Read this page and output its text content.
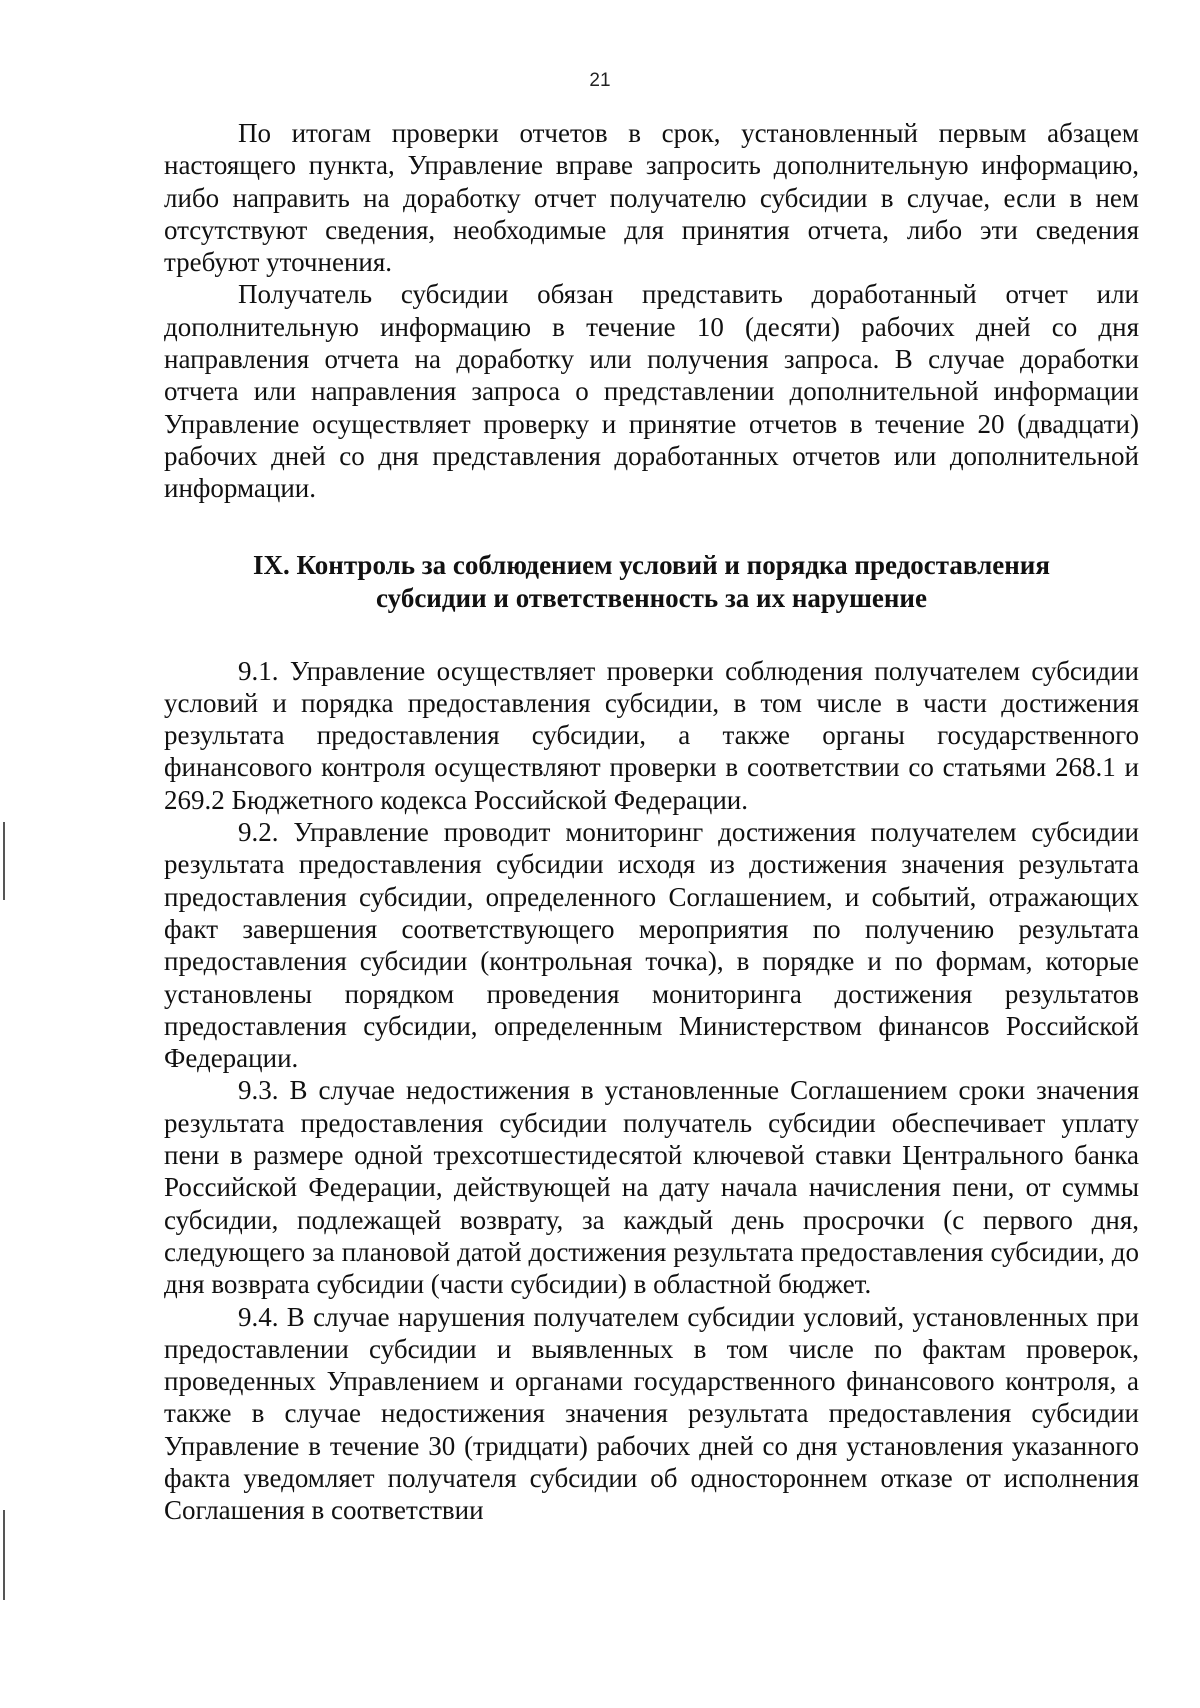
21

По итогам проверки отчетов в срок, установленный первым абзацем настоящего пункта, Управление вправе запросить дополнительную информацию, либо направить на доработку отчет получателю субсидии в случае, если в нем отсутствуют сведения, необходимые для принятия отчета, либо эти сведения требуют уточнения.

Получатель субсидии обязан представить доработанный отчет или дополнительную информацию в течение 10 (десяти) рабочих дней со дня направления отчета на доработку или получения запроса. В случае доработки отчета или направления запроса о представлении дополнительной информации Управление осуществляет проверку и принятие отчетов в течение 20 (двадцати) рабочих дней со дня представления доработанных отчетов или дополнительной информации.

IX. Контроль за соблюдением условий и порядка предоставления
субсидии и ответственность за их нарушение

9.1. Управление осуществляет проверки соблюдения получателем субсидии условий и порядка предоставления субсидии, в том числе в части достижения результата предоставления субсидии, а также органы государственного финансового контроля осуществляют проверки в соответствии со статьями 268.1 и 269.2 Бюджетного кодекса Российской Федерации.

9.2. Управление проводит мониторинг достижения получателем субсидии результата предоставления субсидии исходя из достижения значения результата предоставления субсидии, определенного Соглашением, и событий, отражающих факт завершения соответствующего мероприятия по получению результата предоставления субсидии (контрольная точка), в порядке и по формам, которые установлены порядком проведения мониторинга достижения результатов предоставления субсидии, определенным Министерством финансов Российской Федерации.

9.3. В случае недостижения в установленные Соглашением сроки значения результата предоставления субсидии получатель субсидии обеспечивает уплату пени в размере одной трехсотшестидесятой ключевой ставки Центрального банка Российской Федерации, действующей на дату начала начисления пени, от суммы субсидии, подлежащей возврату, за каждый день просрочки (с первого дня, следующего за плановой датой достижения результата предоставления субсидии, до дня возврата субсидии (части субсидии) в областной бюджет.

9.4. В случае нарушения получателем субсидии условий, установленных при предоставлении субсидии и выявленных в том числе по фактам проверок, проведенных Управлением и органами государственного финансового контроля, а также в случае недостижения значения результата предоставления субсидии Управление в течение 30 (тридцати) рабочих дней со дня установления указанного факта уведомляет получателя субсидии об одностороннем отказе от исполнения Соглашения в соответствии
